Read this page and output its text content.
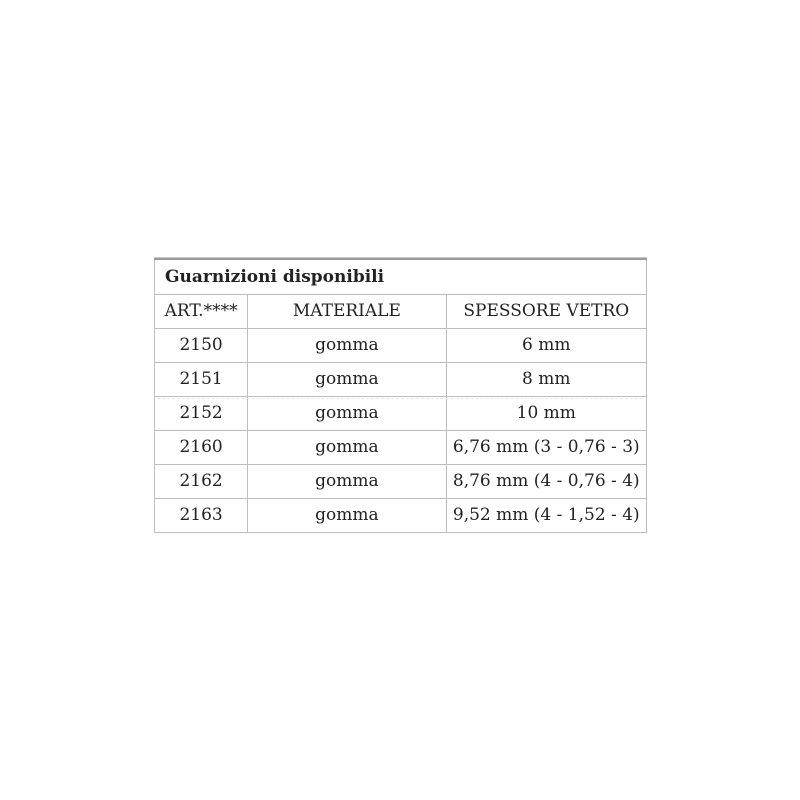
Guarnizioni disponibili		
ART.****	MATERIALE	SPESSORE VETRO
2150	gomma	6 mm
2151	gomma	8 mm
2152	gomma	10 mm
2160	gomma	6,76 mm (3 - 0,76 - 3)
2162	gomma	8,76 mm (4 - 0,76 - 4)
2163	gomma	9,52 mm (4 - 1,52 - 4)
